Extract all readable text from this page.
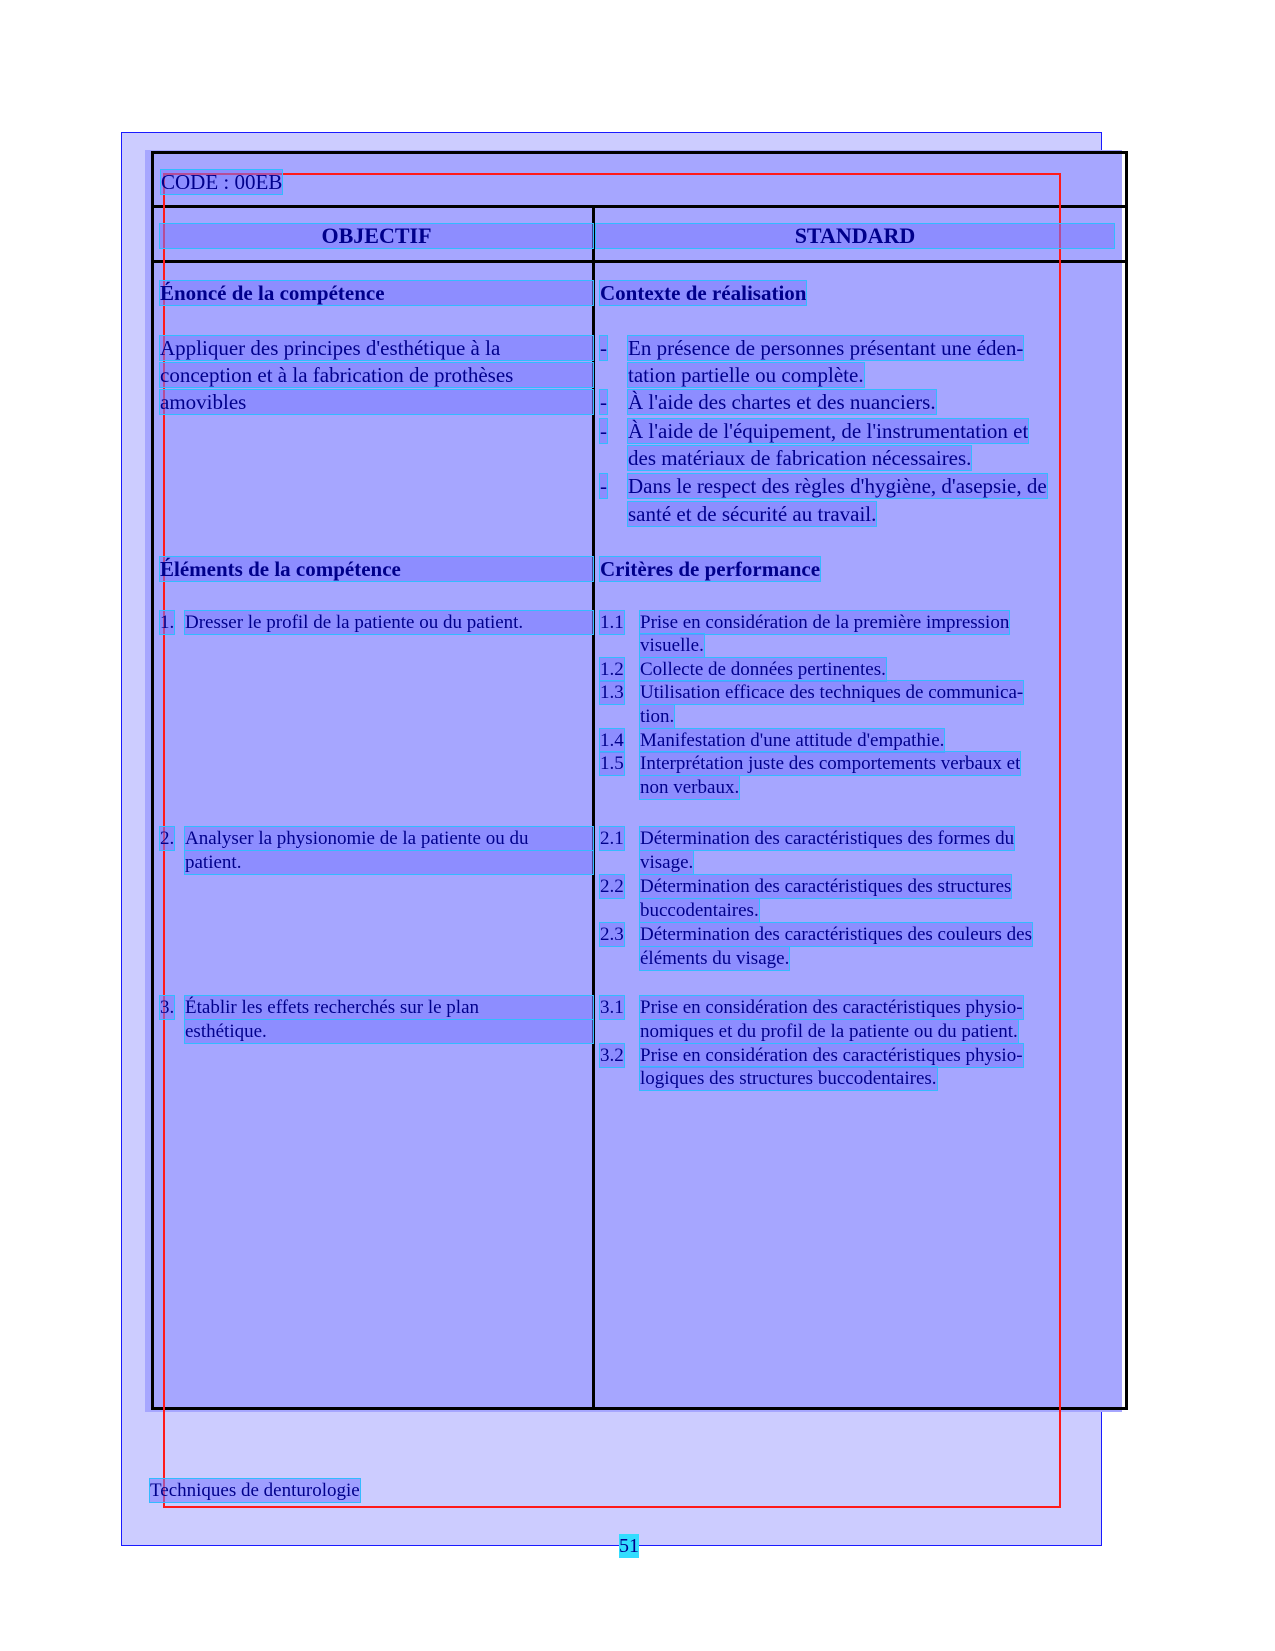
CODE : 00EB
OBJECTIF	STANDARD
Énoncé de la compétence
Appliquer des principes d'esthétique à la
conception et à la fabrication de prothèses
amovibles
Contexte de réalisation
- En présence de personnes présentant une éden-
tation partielle ou complète.
- À l'aide des chartes et des nuanciers.
- À l'aide de l'équipement, de l'instrumentation et
des matériaux de fabrication nécessaires.
- Dans le respect des règles d'hygiène, d'asepsie, de
santé et de sécurité au travail.
Éléments de la compétence
1. Dresser le profil de la patiente ou du patient.
2. Analyser la physionomie de la patiente ou du
patient.
3. Établir les effets recherchés sur le plan
esthétique.
Critères de performance
1.1 Prise en considération de la première impression
visuelle.
1.2 Collecte de données pertinentes.
1.3 Utilisation efficace des techniques de communica-
tion.
1.4 Manifestation d'une attitude d'empathie.
1.5 Interprétation juste des comportements verbaux et
non verbaux.
2.1 Détermination des caractéristiques des formes du
visage.
2.2 Détermination des caractéristiques des structures
buccodentaires.
2.3 Détermination des caractéristiques des couleurs des
éléments du visage.
3.1 Prise en considération des caractéristiques physio-
nomiques et du profil de la patiente ou du patient.
3.2 Prise en considération des caractéristiques physio-
logiques des structures buccodentaires.
Techniques de denturologie
51
